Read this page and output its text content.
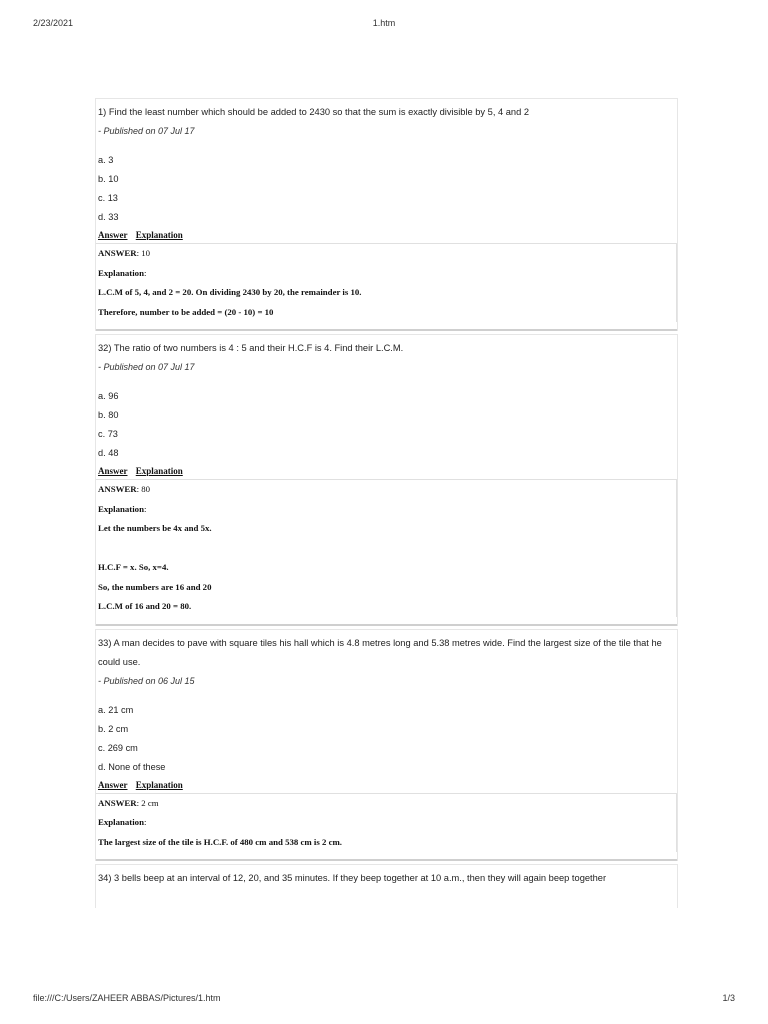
2/23/2021	1.htm
1) Find the least number which should be added to 2430 so that the sum is exactly divisible by 5, 4 and 2
- Published on 07 Jul 17
a. 3
b. 10
c. 13
d. 33
Answer Explanation
ANSWER: 10
Explanation:
L.C.M of 5, 4, and 2 = 20. On dividing 2430 by 20, the remainder is 10.
Therefore, number to be added = (20 - 10) = 10
32) The ratio of two numbers is 4 : 5 and their H.C.F is 4. Find their L.C.M.
- Published on 07 Jul 17
a. 96
b. 80
c. 73
d. 48
Answer Explanation
ANSWER: 80
Explanation:
Let the numbers be 4x and 5x.
H.C.F = x. So, x=4.
So, the numbers are 16 and 20
L.C.M of 16 and 20 = 80.
33) A man decides to pave with square tiles his hall which is 4.8 metres long and 5.38 metres wide. Find the largest size of the tile that he could use.
- Published on 06 Jul 15
a. 21 cm
b. 2 cm
c. 269 cm
d. None of these
Answer Explanation
ANSWER: 2 cm
Explanation:
The largest size of the tile is H.C.F. of 480 cm and 538 cm is 2 cm.
34) 3 bells beep at an interval of 12, 20, and 35 minutes. If they beep together at 10 a.m., then they will again beep together
file:///C:/Users/ZAHEER ABBAS/Pictures/1.htm	1/3
